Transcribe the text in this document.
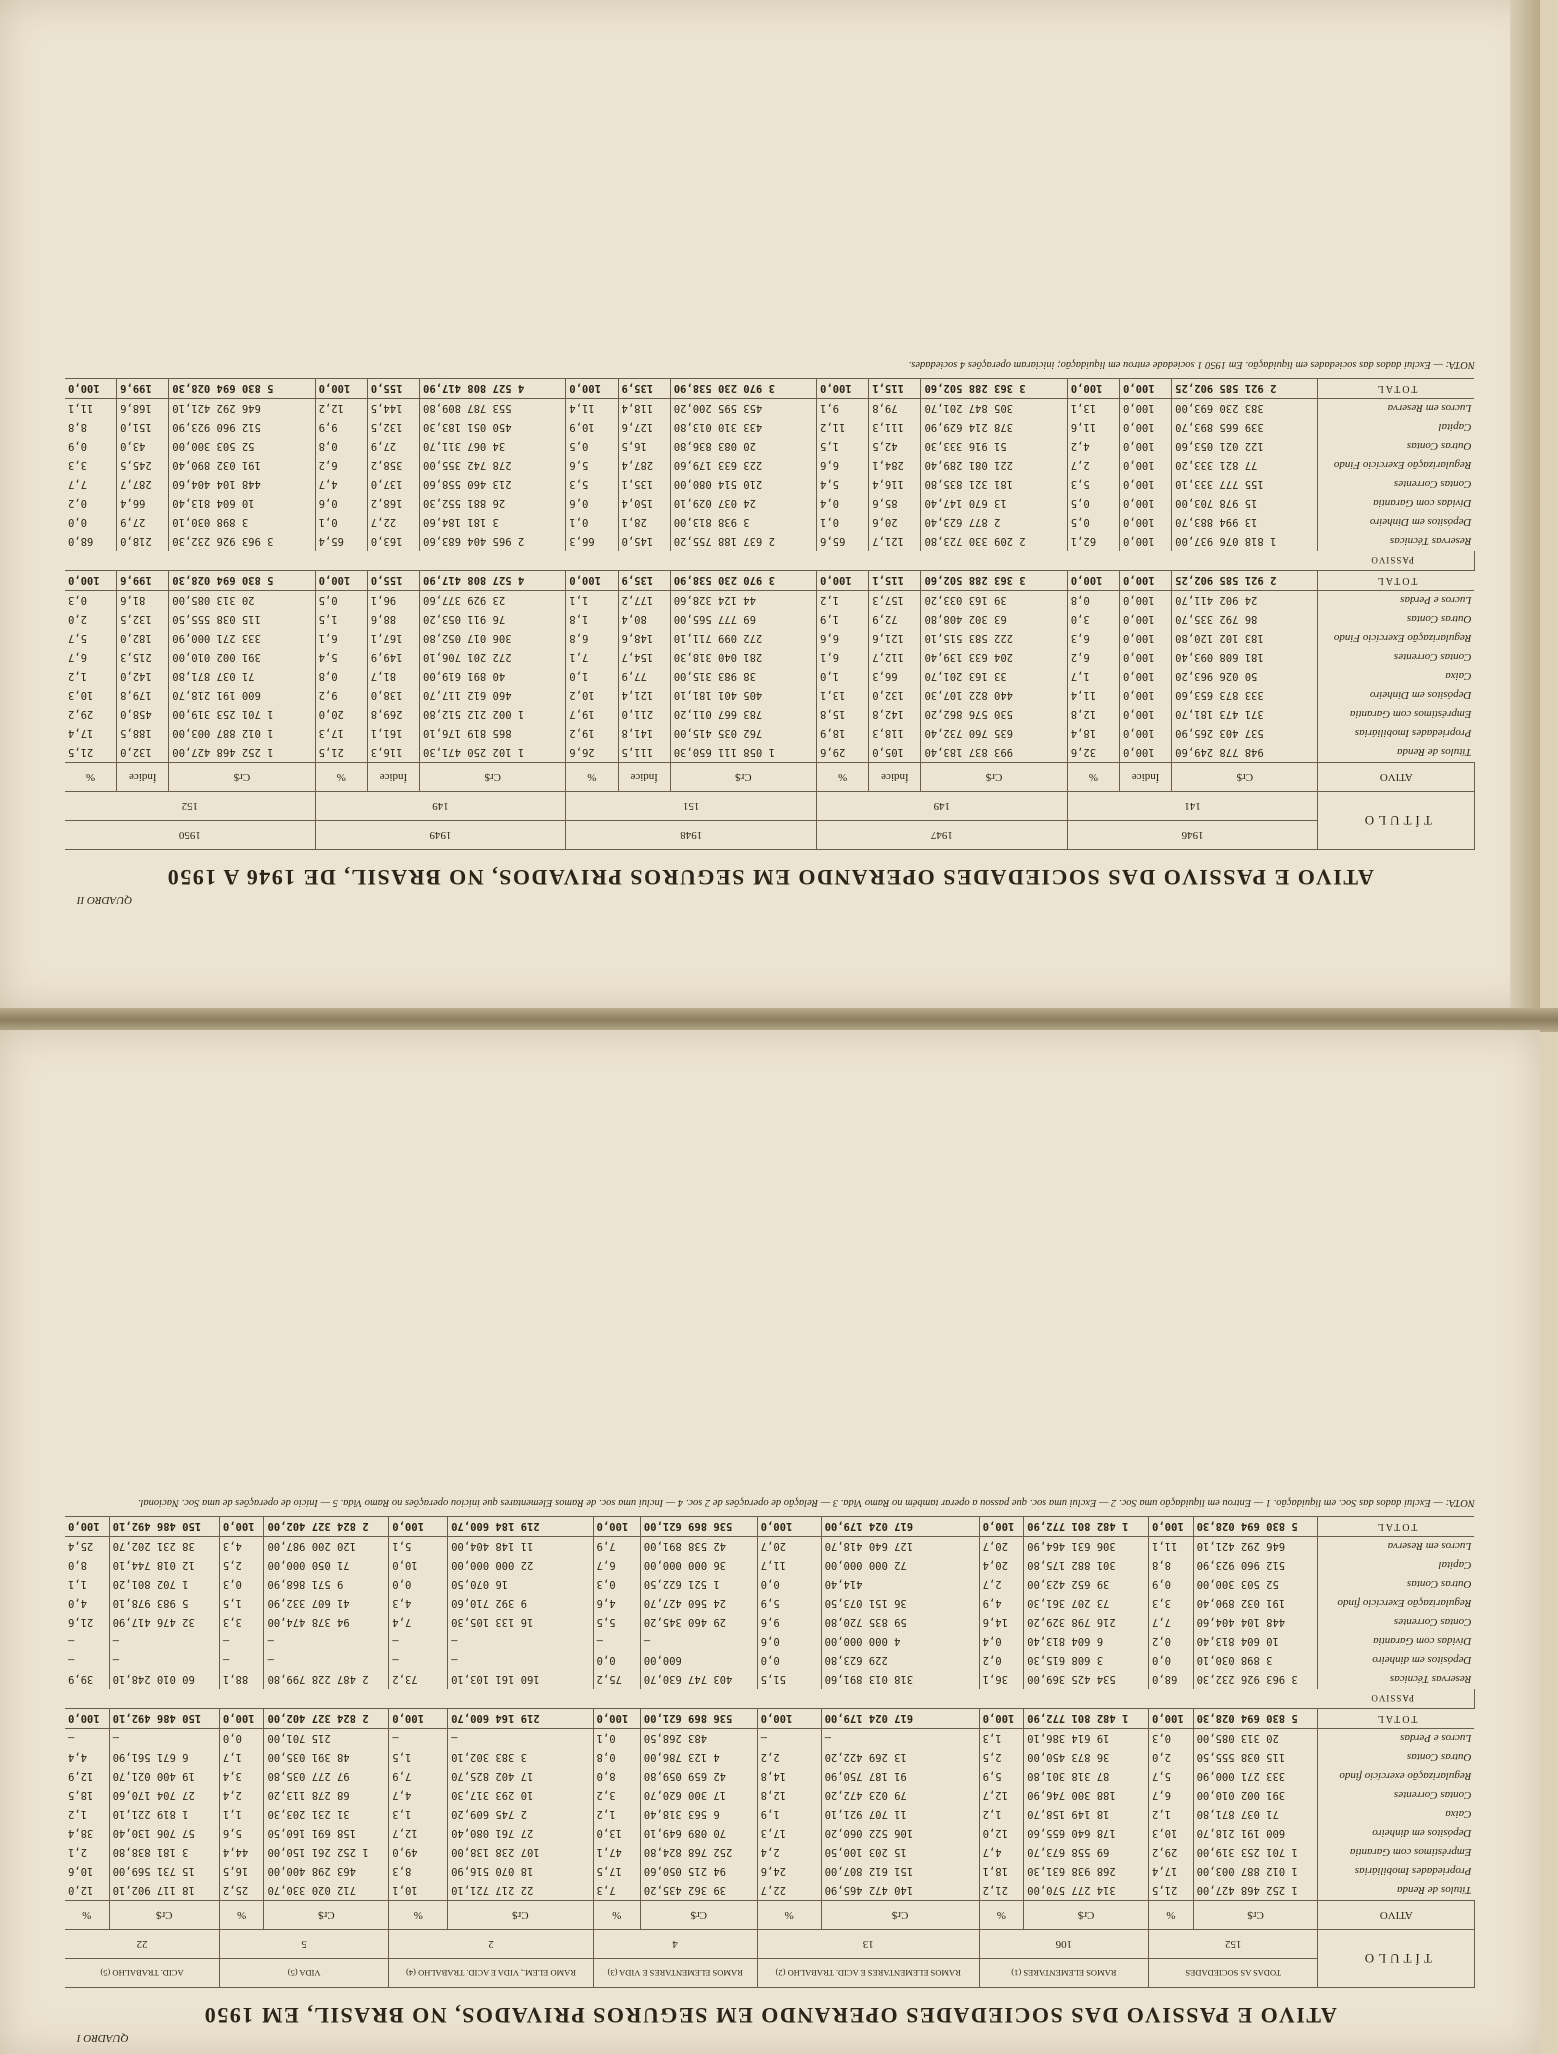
QUADRO II
ATIVO E PASSIVO DAS SOCIEDADES OPERANDO EM SEGUROS PRIVADOS, NO BRASIL, DE 1946 A 1950
TÍTULO	1946			1947			1948			1949			1950		
	141			149			151			149			152		
ATIVO	Cr$	Índice	%	Cr$	Índice	%	Cr$	Índice	%	Cr$	Índice	%	Cr$	Índice	%
Títulos de Renda	948 778 249,60	100,0	32,6	993 837 183,40	105,0	29,6	1 058 111 650,30	111,5	26,6	1 102 250 471,30	116,3	21,5	1 252 468 427,00	132,0	21,5
Propriedades Imobiliárias	537 403 265,90	100,0	18,4	635 760 732,40	118,3	18,9	762 035 415,00	141,8	19,2	865 819 176,10	161,1	17,3	1 012 887 003,00	188,5	17,4
Empréstimos com Garantia	371 473 181,70	100,0	12,8	530 576 862,20	142,8	15,8	783 667 011,20	211,0	19,7	1 002 212 512,80	269,8	20,0	1 701 253 319,00	458,0	29,2
Depósitos em Dinheiro	333 873 653,60	100,0	11,4	440 822 107,30	132,0	13,1	405 401 181,10	121,4	10,2	460 612 117,70	138,0	9,2	600 191 218,70	179,8	10,3
Caixa	50 026 963,20	100,0	1,7	33 163 201,70	66,3	1,0	38 983 315,00	77,9	1,0	40 891 619,00	81,7	0,8	71 037 871,80	142,0	1,2
Contas Correntes	181 608 093,40	100,0	6,2	204 633 139,40	112,7	6,1	281 040 318,30	154,7	7,1	272 201 706,10	149,9	5,4	391 002 010,00	215,3	6,7
Regularização Exercício Findo	183 102 120,80	100,0	6,3	222 583 515,10	121,6	6,6	272 099 711,10	148,6	6,8	306 017 052,80	167,1	6,1	333 271 000,90	182,0	5,7
Outras Contas	86 792 335,70	100,0	3,0	63 302 408,80	72,9	1,9	69 777 565,00	80,4	1,8	76 911 053,20	88,6	1,5	115 038 555,50	132,5	2,0
Lucros e Perdas	24 902 411,70	100,0	0,8	39 163 033,20	157,3	1,2	44 124 328,60	177,2	1,1	23 929 377,60	96,1	0,5	20 313 085,00	81,6	0,3
TOTAL	2 921 585 902,25	100,0	100,0	3 363 288 502,60	115,1	100,0	3 970 230 538,90	135,9	100,0	4 527 808 417,90	155,0	100,0	5 830 694 028,30	199,6	100,0
PASSIVO															
Reservas Técnicas	1 818 076 937,00	100,0	62,1	2 209 330 723,80	121,7	65,6	2 637 188 755,20	145,0	66,3	2 965 404 683,60	163,0	65,4	3 963 926 232,30	218,0	68,0
Depósitos em Dinheiro	13 994 883,70	100,0	0,5	2 877 623,40	20,6	0,1	3 938 813,00	28,1	0,1	3 181 184,60	22,7	0,1	3 898 030,10	27,9	0,0
Dívidas com Garantia	15 978 703,00	100,0	0,5	13 670 147,40	85,6	0,4	24 037 029,10	150,4	0,6	26 881 552,30	168,2	0,6	10 604 813,40	66,4	0,2
Contas Correntes	155 777 333,10	100,0	5,3	181 321 835,80	116,4	5,4	210 514 080,00	135,1	5,3	213 460 558,60	137,0	4,7	448 104 404,60	287,7	7,7
Regularização Exercício Findo	77 821 333,20	100,0	2,7	221 081 289,40	284,1	6,6	223 633 179,60	287,4	5,6	278 742 355,00	358,2	6,2	191 032 890,40	245,5	3,3
Outras Contas	122 021 053,60	100,0	4,2	51 916 333,30	42,5	1,5	20 083 836,80	16,5	0,5	34 067 311,70	27,9	0,8	52 503 300,00	43,0	0,9
Capital	339 665 893,70	100,0	11,6	378 214 629,90	111,3	11,2	433 310 013,80	127,6	10,9	450 051 183,30	132,5	9,9	512 960 923,90	151,0	8,8
Lucros em Reserva	383 230 693,00	100,0	13,1	305 847 201,70	79,8	9,1	453 595 200,20	118,4	11,4	553 787 809,80	144,5	12,2	646 292 421,10	168,6	11,1
TOTAL	2 921 585 902,25	100,0	100,0	3 363 288 502,60	115,1	100,0	3 970 230 538,90	135,9	100,0	4 527 808 417,90	155,0	100,0	5 830 694 028,30	199,6	100,0
NOTA: — Exclui dados das sociedades em liquidação. Em 1950 1 sociedade entrou em liquidação; iniciaram operações 4 sociedades.
QUADRO I
ATIVO E PASSIVO DAS SOCIEDADES OPERANDO EM SEGUROS PRIVADOS, NO BRASIL, EM 1950
TÍTULO	TODAS AS SOCIEDADES		RAMOS ELEMENTARES (1)		RAMOS ELEMENTARES E ACID. TRABALHO (2)		RAMOS ELEMENTARES E VIDA (3)		RAMO ELEM., VIDA E ACID. TRABALHO (4)		VIDA (5)		ACID. TRABALHO (5)	
	152		106		13		4		2		5		22	
ATIVO	Cr$	%	Cr$	%	Cr$	%	Cr$	%	Cr$	%	Cr$	%	Cr$	%
Títulos de Renda	1 252 468 427,00	21,5	314 277 570,00	21,2	140 472 465,90	22,7	39 362 435,20	7,3	22 217 721,10	10,1	712 020 330,70	25,2	18 117 902,10	12,0
Propriedades Imobiliárias	1 012 887 003,00	17,4	268 938 631,30	18,1	151 612 807,00	24,6	94 215 050,60	17,5	18 070 516,90	8,3	463 298 400,00	16,5	15 731 569,00	10,6
Empréstimos com Garantia	1 701 253 319,00	29,2	69 558 673,70	4,7	15 203 100,50	2,4	252 768 824,80	47,1	107 238 138,00	49,0	1 252 261 150,00	44,4	3 181 838,80	2,1
Depósitos em dinheiro	600 191 218,70	10,3	178 640 655,60	12,0	106 522 060,20	17,3	70 089 649,10	13,0	27 761 080,40	12,7	158 691 160,50	5,6	57 706 130,40	38,4
Caixa	71 037 871,80	1,2	18 149 158,70	1,2	11 707 921,10	1,9	6 563 318,40	1,2	2 745 609,20	1,3	31 231 203,30	1,1	1 819 221,10	1,2
Contas Correntes	391 002 010,00	6,7	188 300 746,90	12,7	79 023 472,20	12,8	17 300 620,70	3,2	10 293 317,30	4,7	68 278 113,20	2,4	27 704 170,60	18,5
Regularização exercício findo	333 271 000,90	5,7	87 318 301,80	5,9	91 187 750,90	14,8	42 659 059,80	8,0	17 402 825,70	7,9	97 277 035,80	3,4	19 400 021,70	12,9
Outras Contas	115 038 555,50	2,0	36 873 450,00	2,5	13 269 422,20	2,2	4 123 786,00	0,8	3 383 302,10	1,5	48 391 035,00	1,7	6 671 561,90	4,4
Lucros e Perdas	20 313 085,00	0,3	19 614 386,10	1,3	—	—	483 268,50	0,1	—	—	215 701,00	0,0	—	—
TOTAL	5 830 694 028,30	100,0	1 482 801 772,90	100,0	617 024 179,00	100,0	536 869 621,00	100,0	219 164 600,70	100,0	2 824 327 402,00	100,0	150 486 492,10	100,0
PASSIVO														
Reservas Técnicas	3 963 926 232,30	68,0	534 425 369,00	36,1	318 013 891,60	51,5	403 747 630,70	75,2	160 161 103,10	73,2	2 487 228 799,80	88,1	60 010 248,10	39,9
Depósitos em dinheiro	3 898 030,10	0,0	3 608 615,30	0,2	229 623,80	0,0	600,00	0,0	—	—	—	—	—	—
Dívidas com Garantia	10 604 813,40	0,2	6 604 813,40	0,4	4 000 000,00	0,6	—	—	—	—	—	—	—	—
Contas Correntes	448 104 404,60	7,7	216 798 329,20	14,6	59 835 720,80	9,6	29 460 345,20	5,5	16 133 105,30	7,4	94 378 474,00	3,3	32 476 417,90	21,6
Regularização Exercício findo	191 032 890,40	3,3	73 207 361,30	4,9	36 151 073,50	5,9	24 560 427,70	4,6	9 392 710,60	4,3	41 607 332,90	1,5	5 983 978,10	4,0
Outras Contas	52 503 300,00	0,9	39 652 423,00	2,7	414,40	0,0	1 521 622,50	0,3	16 070,50	0,0	9 571 868,90	0,3	1 702 801,20	1,1
Capital	512 960 923,90	8,8	301 882 175,80	20,4	72 000 000,00	11,7	36 000 000,00	6,7	22 000 000,00	10,0	71 050 000,00	2,5	12 018 744,10	8,0
Lucros em Reserva	646 292 421,10	11,1	306 631 464,90	20,7	127 640 418,70	20,7	42 538 891,00	7,9	11 148 404,00	5,1	120 200 987,00	4,3	38 231 202,70	25,4
TOTAL	5 830 694 028,30	100,0	1 482 801 772,90	100,0	617 024 179,00	100,0	536 869 621,00	100,0	219 184 600,70	100,0	2 824 327 402,00	100,0	150 486 492,10	100,0
NOTA: — Exclui dados das Soc. em liquidação. 1 — Entrou em liquidação uma Soc. 2 — Exclui uma soc. que passou a operar também no Ramo Vida. 3 — Relação de operações de 2 soc. 4 — Inclui uma soc. de Ramos Elementares que iniciou operações no Ramo Vida. 5 — Início de operações de uma Soc. Nacional.
